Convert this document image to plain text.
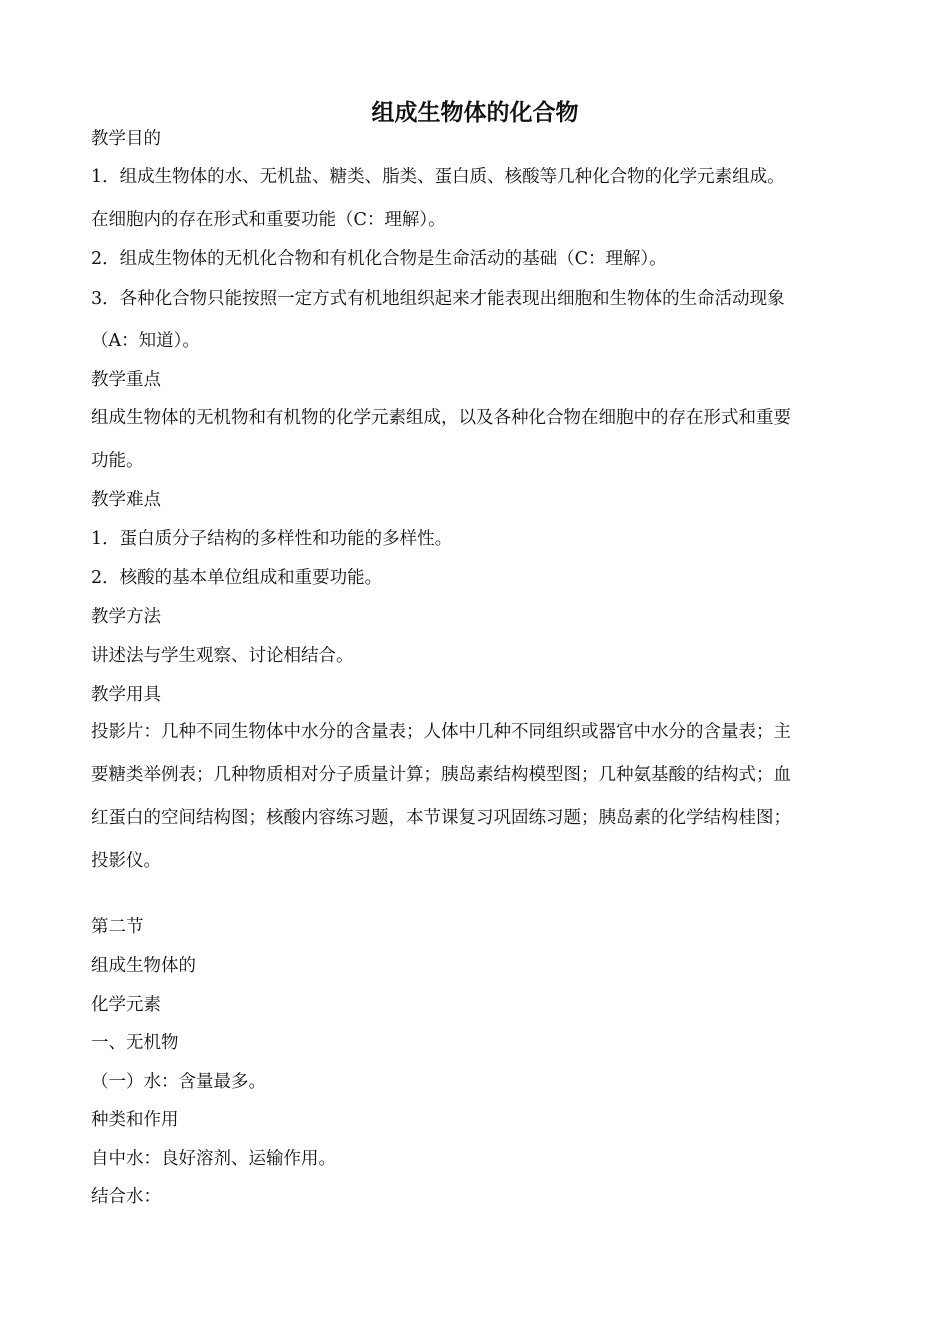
组成生物体的化合物
教学目的
1．组成生物体的水、无机盐、糖类、脂类、蛋白质、核酸等几种化合物的化学元素组成。
在细胞内的存在形式和重要功能（C：理解）。
2．组成生物体的无机化合物和有机化合物是生命活动的基础（C：理解）。
3．各种化合物只能按照一定方式有机地组织起来才能表现出细胞和生物体的生命活动现象
（A：知道）。
教学重点
组成生物体的无机物和有机物的化学元素组成，以及各种化合物在细胞中的存在形式和重要
功能。
教学难点
1．蛋白质分子结构的多样性和功能的多样性。
2．核酸的基本单位组成和重要功能。
教学方法
讲述法与学生观察、讨论相结合。
教学用具
投影片：几种不同生物体中水分的含量表；人体中几种不同组织或器官中水分的含量表；主
要糖类举例表；几种物质相对分子质量计算；胰岛素结构模型图；几种氨基酸的结构式；血
红蛋白的空间结构图；核酸内容练习题，本节课复习巩固练习题；胰岛素的化学结构桂图；
投影仪。
第二节
组成生物体的
化学元素
一、无机物
（一）水：含量最多。
种类和作用
自中水：良好溶剂、运输作用。
结合水：
